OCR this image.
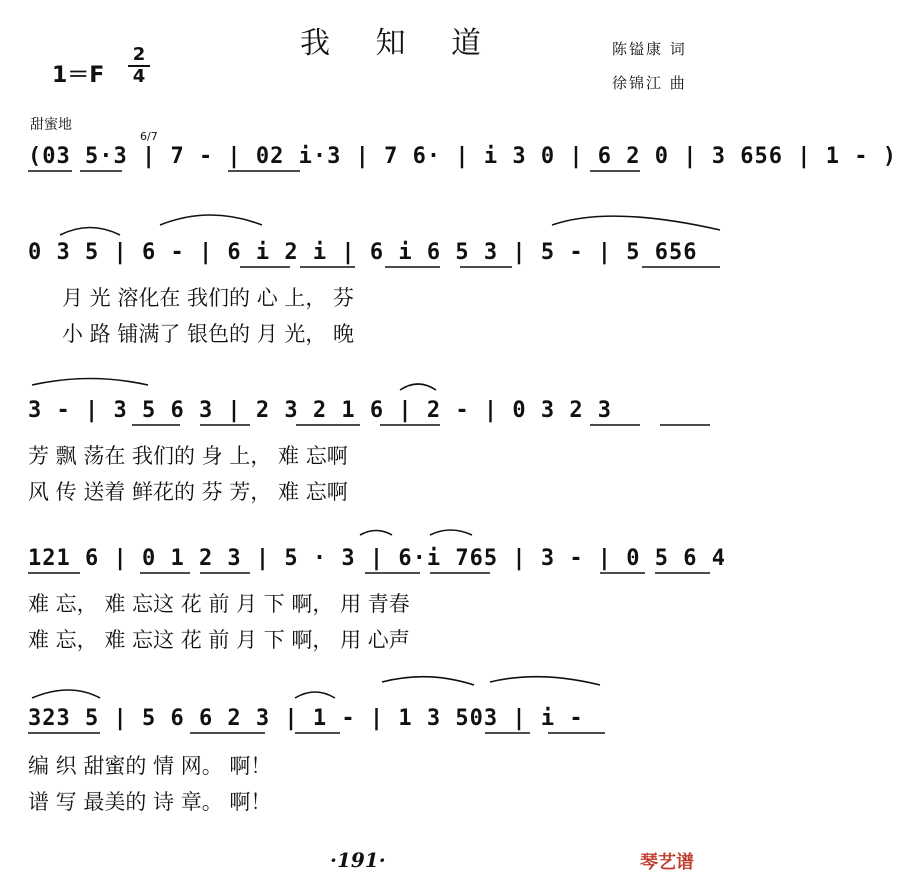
我 知 道
1＝F
2
4
陈镒康 词
徐锦江 曲
甜蜜地
(03 5·3 | 7 - | 02 i·3 | 7 6· | i 3 0 | 6 2 0 | 3 656 | 1 - )
6/7
0 3 5 | 6 - | 6 i 2 i | 6 i 6 5 3 | 5 - | 5 656
月 光 溶化在 我们的 心 上， 芬
小 路 铺满了 银色的 月 光， 晚
3 - | 3 5 6 3 | 2 3 2 1 6 | 2 - | 0 3 2 3
芳 飘 荡在 我们的 身 上， 难 忘啊
风 传 送着 鲜花的 芬 芳， 难 忘啊
121 6 | 0 1 2 3 | 5 · 3 | 6·i 765 | 3 - | 0 5 6 4
难 忘， 难 忘这 花 前 月 下 啊， 用 青春
难 忘， 难 忘这 花 前 月 下 啊， 用 心声
323 5 | 5 6 6 2 3 | 1 - | 1 3 503 | i -
编 织 甜蜜的 情 网。 啊！
谱 写 最美的 诗 章。 啊！
·191·	琴艺谱
